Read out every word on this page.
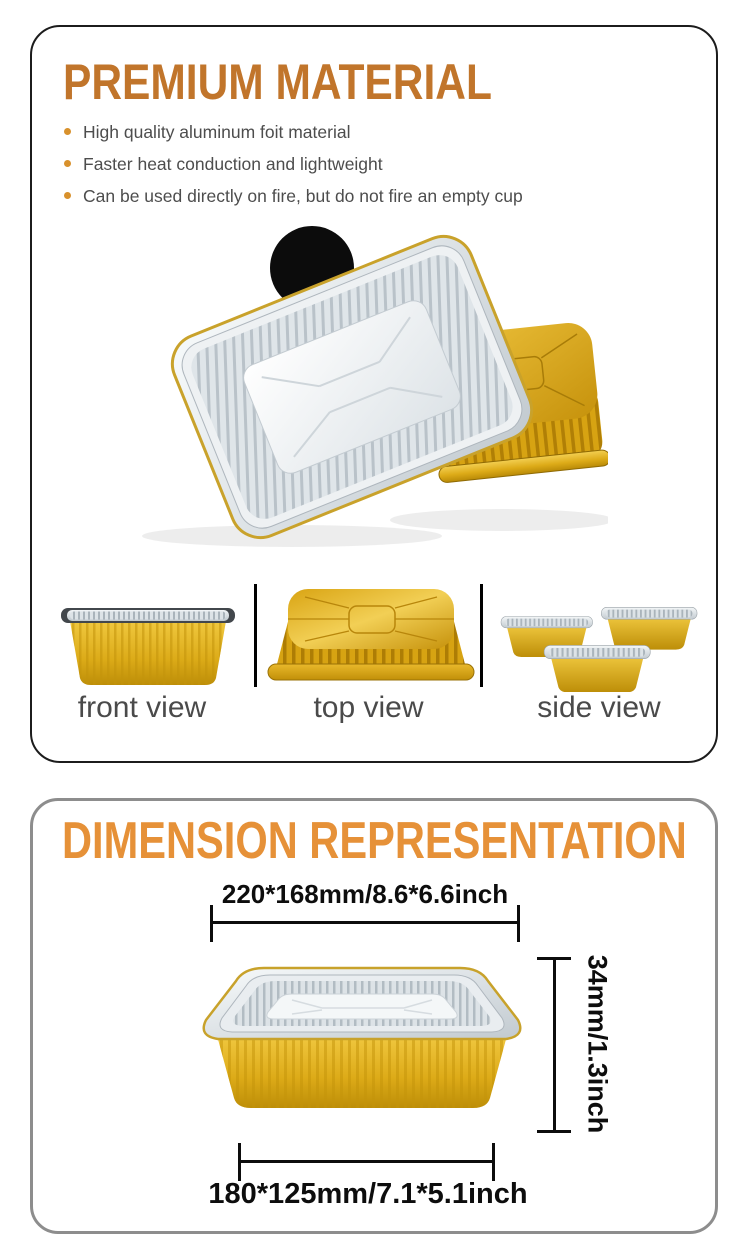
PREMIUM MATERIAL
High quality aluminum foit material
Faster heat conduction and lightweight
Can be used directly on fire, but do not fire an empty cup
front view	top view	side view
DIMENSION REPRESENTATION
220*168mm/8.6*6.6inch
34mm/1.3inch
180*125mm/7.1*5.1inch
